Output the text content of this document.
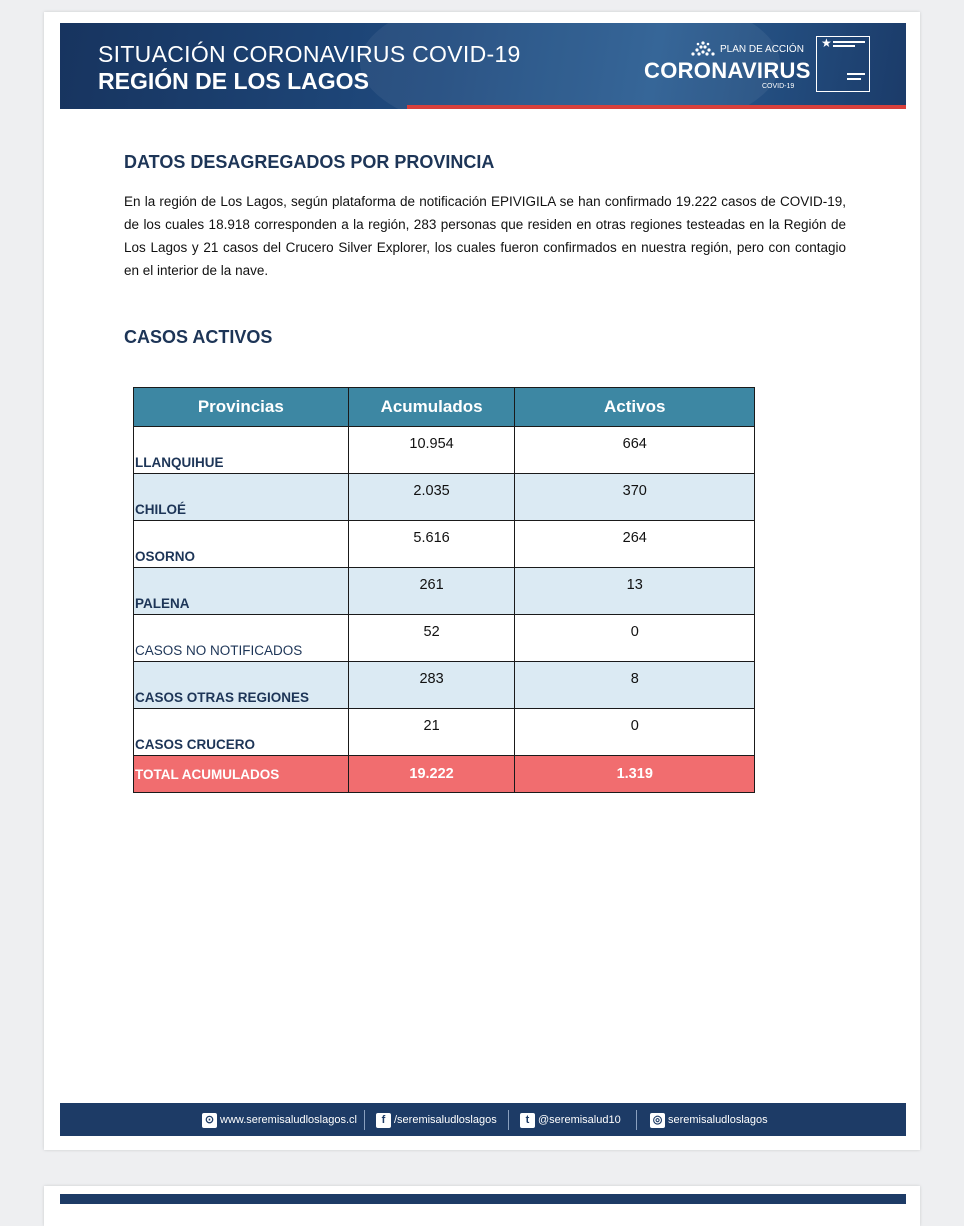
SITUACIÓN CORONAVIRUS COVID-19
REGIÓN DE LOS LAGOS
PLAN DE ACCIÓN
CORONAVIRUS
COVID-19
★
DATOS DESAGREGADOS POR PROVINCIA
En la región de Los Lagos, según plataforma de notificación EPIVIGILA se han confirmado 19.222 casos de COVID-19, de los cuales 18.918 corresponden a la región, 283 personas que residen en otras regiones testeadas en la Región de Los Lagos y 21 casos del Crucero Silver Explorer, los cuales fueron confirmados en nuestra región, pero con contagio en el interior de la nave.
CASOS ACTIVOS
Provincias	Acumulados	Activos
LLANQUIHUE	10.954	664
CHILOÉ	2.035	370
OSORNO	5.616	264
PALENA	261	13
CASOS NO NOTIFICADOS	52	0
CASOS OTRAS REGIONES	283	8
CASOS CRUCERO	21	0
TOTAL ACUMULADOS	19.222	1.319
⊙ www.seremisaludloslagos.cl	f /seremisaludloslagos	t @seremisalud10	◎ seremisaludloslagos
